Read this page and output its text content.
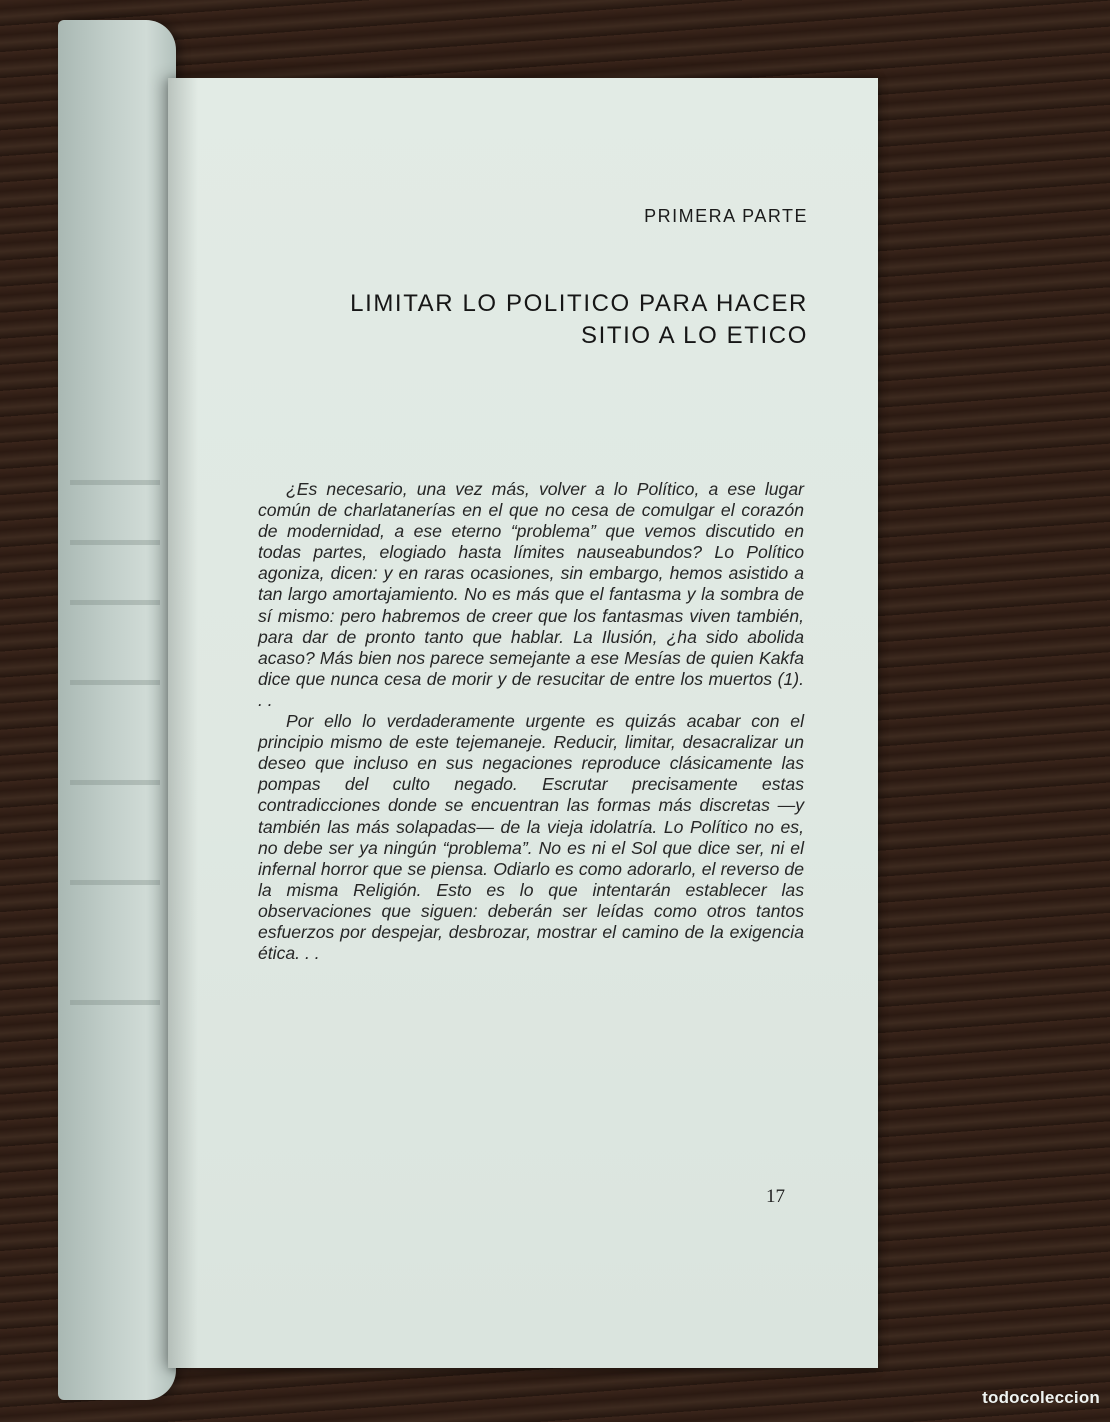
PRIMERA PARTE
LIMITAR LO POLITICO PARA HACER
SITIO A LO ETICO

¿Es necesario, una vez más, volver a lo Político, a ese lugar común de charlatanerías en el que no cesa de comulgar el corazón de modernidad, a ese eterno “problema” que vemos discutido en todas partes, elogiado hasta límites nauseabundos? Lo Político agoniza, dicen: y en raras ocasiones, sin embargo, hemos asistido a tan largo amortajamiento. No es más que el fantasma y la sombra de sí mismo: pero habremos de creer que los fantasmas viven también, para dar de pronto tanto que hablar. La Ilusión, ¿ha sido abolida acaso? Más bien nos parece semejante a ese Mesías de quien Kakfa dice que nunca cesa de morir y de resucitar de entre los muertos (1). . .

Por ello lo verdaderamente urgente es quizás acabar con el principio mismo de este tejemaneje. Reducir, limitar, desacralizar un deseo que incluso en sus negaciones reproduce clásicamente las pompas del culto negado. Escrutar precisamente estas contradicciones donde se encuentran las formas más discretas —y también las más solapadas— de la vieja idolatría. Lo Político no es, no debe ser ya ningún “problema”. No es ni el Sol que dice ser, ni el infernal horror que se piensa. Odiarlo es como adorarlo, el reverso de la misma Religión. Esto es lo que intentarán establecer las observaciones que siguen: deberán ser leídas como otros tantos esfuerzos por despejar, desbrozar, mostrar el camino de la exigencia ética. . .

17
todocoleccion
